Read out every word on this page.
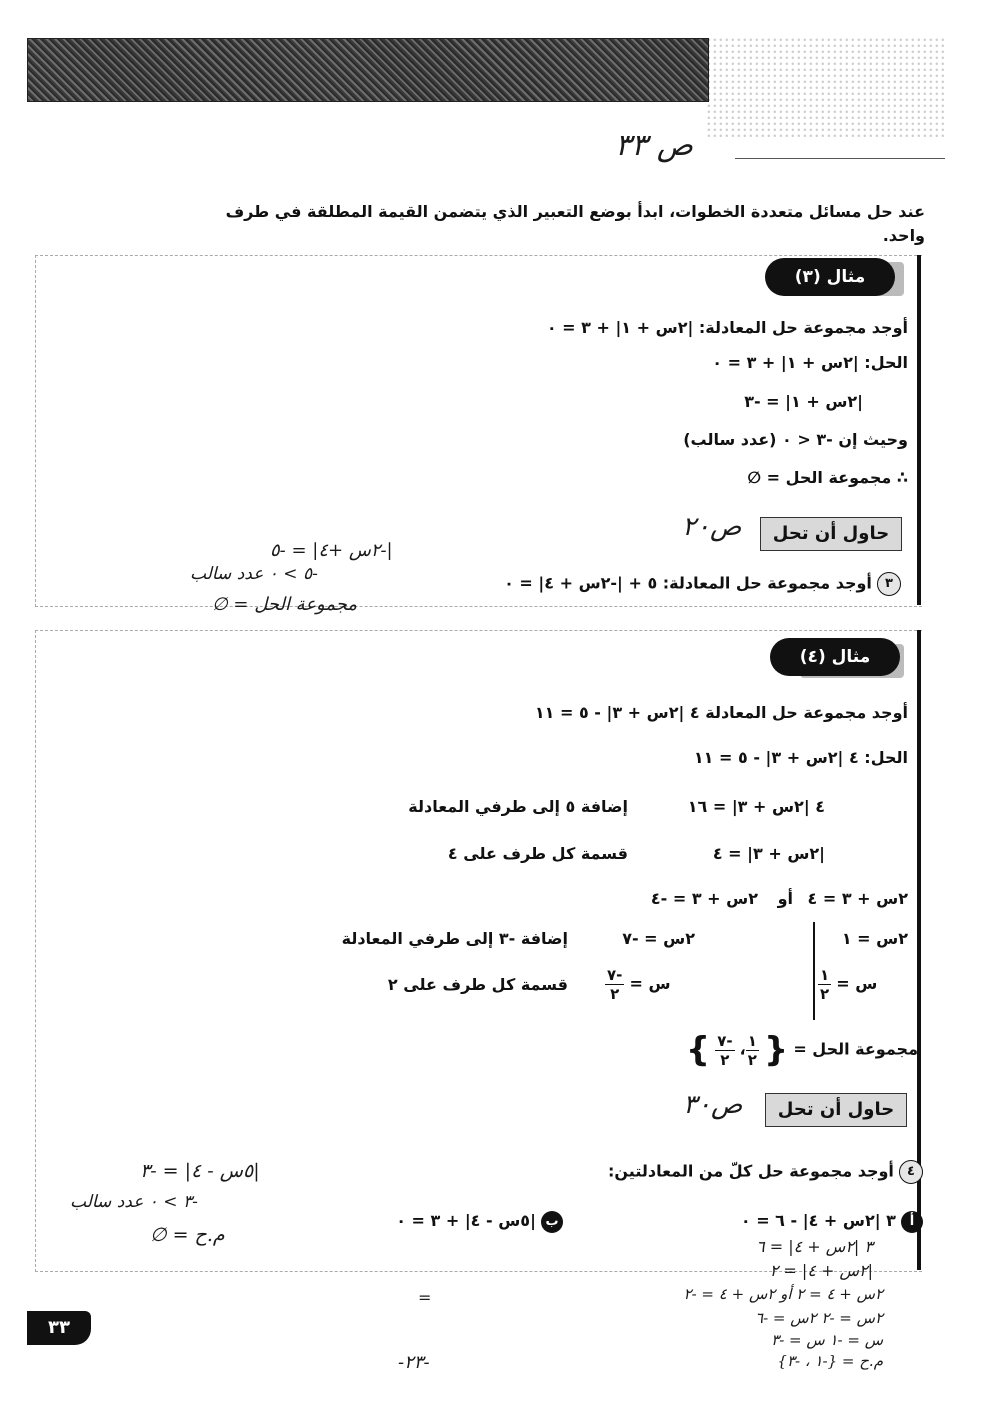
ص ٣٣
عند حل مسائل متعددة الخطوات، ابدأ بوضع التعبير الذي يتضمن القيمة المطلقة في طرف واحد.
مثال (٣)
أوجد مجموعة حل المعادلة: |٢س + ١| + ٣ = ٠
الحل: |٢س + ١| + ٣ = ٠
|٢س + ١| = -٣
وحيث إن -٣ < ٠ (عدد سالب)
∴ مجموعة الحل = ∅
حاول أن تحل
ص٢٠
٣ أوجد مجموعة حل المعادلة: ٥ + |-٢س + ٤| = ٠
|-٢س +٤| = -٥
-٥ > ٠ عدد سالب
مجموعة الحل = ∅
مثال (٤)
أوجد مجموعة حل المعادلة ٤ |٢س + ٣| - ٥ = ١١
الحل: ٤ |٢س + ٣| - ٥ = ١١
٤ |٢س + ٣| = ١٦
إضافة ٥ إلى طرفي المعادلة
|٢س + ٣| = ٤
قسمة كل طرف على ٤
٢س + ٣ = ٤
أو
٢س + ٣ = -٤
٢س = ١
٢س = -٧
إضافة -٣ إلى طرفي المعادلة
س =
$\frac{١}{٢}$
س =
$\frac{-٧}{٢}$
قسمة كل طرف على ٢
مجموعة الحل = {
$\frac{١}{٢}$
،
$\frac{-٧}{٢}$
}
حاول أن تحل
ص٣٠
٤ أوجد مجموعة حل كلّ من المعادلتين:
أ ٣ |٢س + ٤| - ٦ = ٠
ب |٥س - ٤| + ٣ = ٠
|٥س - ٤| = -٣
-٣ > ٠ عدد سالب
م.ح = ∅
٣ |٢س + ٤| = ٦
|٢س + ٤| = ٢
٢س + ٤ = ٢ أو ٢س + ٤ = -٢
٢س = -٢ ٢س = -٦
س = -١ س = -٣
م.ح = {-١ ، -٣}
٣٣
=
-٢٣-
